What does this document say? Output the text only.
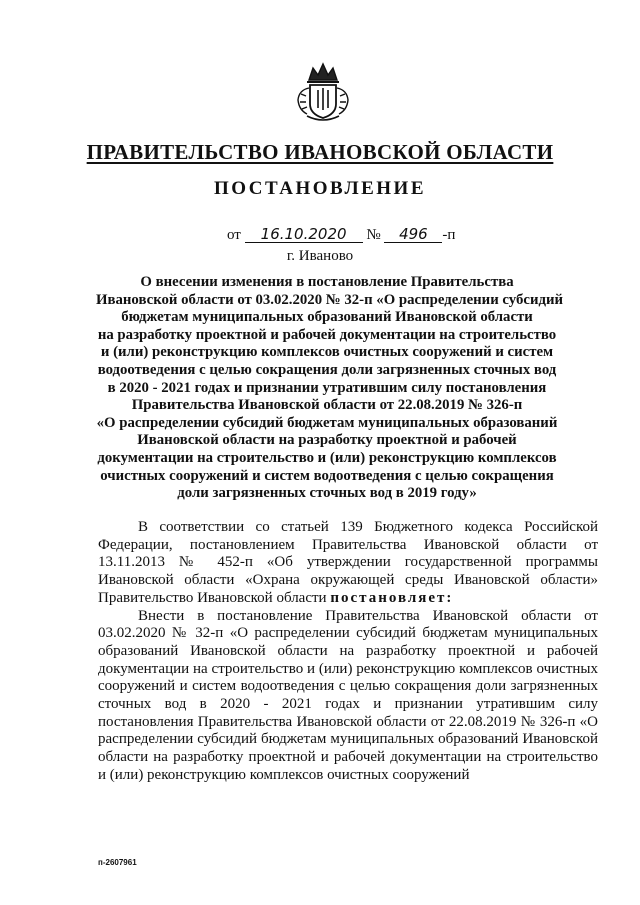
ПРАВИТЕЛЬСТВО ИВАНОВСКОЙ ОБЛАСТИ
ПОСТАНОВЛЕНИЕ
от 16.10.2020 № 496 -п
г. Иваново
О внесении изменения в постановление Правительства
Ивановской области от 03.02.2020 № 32-п «О распределении субсидий
бюджетам муниципальных образований Ивановской области
на разработку проектной и рабочей документации на строительство
и (или) реконструкцию комплексов очистных сооружений и систем
водоотведения с целью сокращения доли загрязненных сточных вод
в 2020 - 2021 годах и признании утратившим силу постановления
Правительства Ивановской области от 22.08.2019 № 326-п
«О распределении субсидий бюджетам муниципальных образований
Ивановской области на разработку проектной и рабочей
документации на строительство и (или) реконструкцию комплексов
очистных сооружений и систем водоотведения с целью сокращения
доли загрязненных сточных вод в 2019 году»

В соответствии со статьей 139 Бюджетного кодекса Российской Федерации, постановлением Правительства Ивановской области от 13.11.2013 № 452-п «Об утверждении государственной программы Ивановской области «Охрана окружающей среды Ивановской области» Правительство Ивановской области постановляет:

Внести в постановление Правительства Ивановской области от 03.02.2020 № 32-п «О распределении субсидий бюджетам муниципальных образований Ивановской области на разработку проектной и рабочей документации на строительство и (или) реконструкцию комплексов очистных сооружений и систем водоотведения с целью сокращения доли загрязненных сточных вод в 2020 - 2021 годах и признании утратившим силу постановления Правительства Ивановской области от 22.08.2019 № 326-п «О распределении субсидий бюджетам муниципальных образований Ивановской области на разработку проектной и рабочей документации на строительство и (или) реконструкцию комплексов очистных сооружений

п-2607961
